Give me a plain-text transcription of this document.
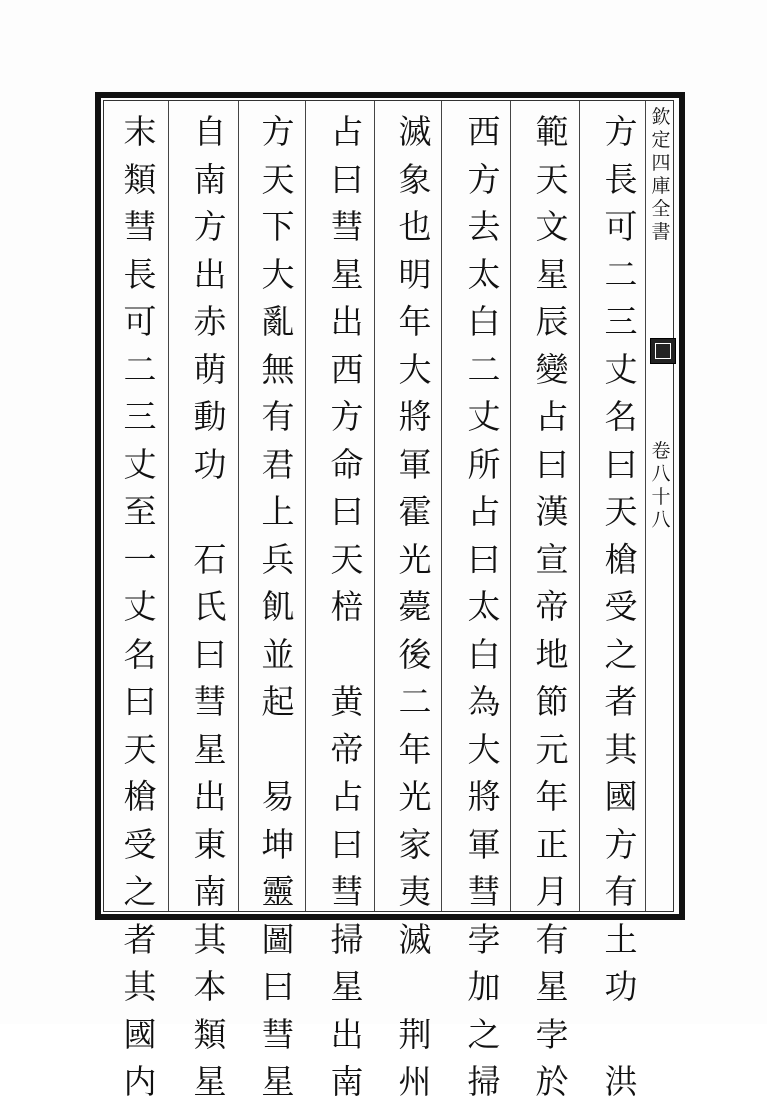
方
長
可
二
三
丈
名
曰
天
槍
受
之
者
其
國
方
有
土
功
洪
範
天
文
星
辰
變
占
曰
漢
宣
帝
地
節
元
年
正
月
有
星
孛
於
西
方
去
太
白
二
丈
所
占
曰
太
白
為
大
將
軍
彗
孛
加
之
掃
滅
象
也
明
年
大
將
軍
霍
光
薨
後
二
年
光
家
夷
滅
荆
州
占
曰
彗
星
出
西
方
命
曰
天
棓
黄
帝
占
曰
彗
掃
星
出
南
方
天
下
大
亂
無
有
君
上
兵
飢
並
起
易
坤
靈
圖
曰
彗
星
自
南
方
出
赤
萌
動
功
石
氏
曰
彗
星
出
東
南
其
本
類
星
末
類
彗
長
可
二
三
丈
至
一
丈
名
曰
天
槍
受
之
者
其
國
内
欽
定
四
庫
全
書
卷
八
十
八
